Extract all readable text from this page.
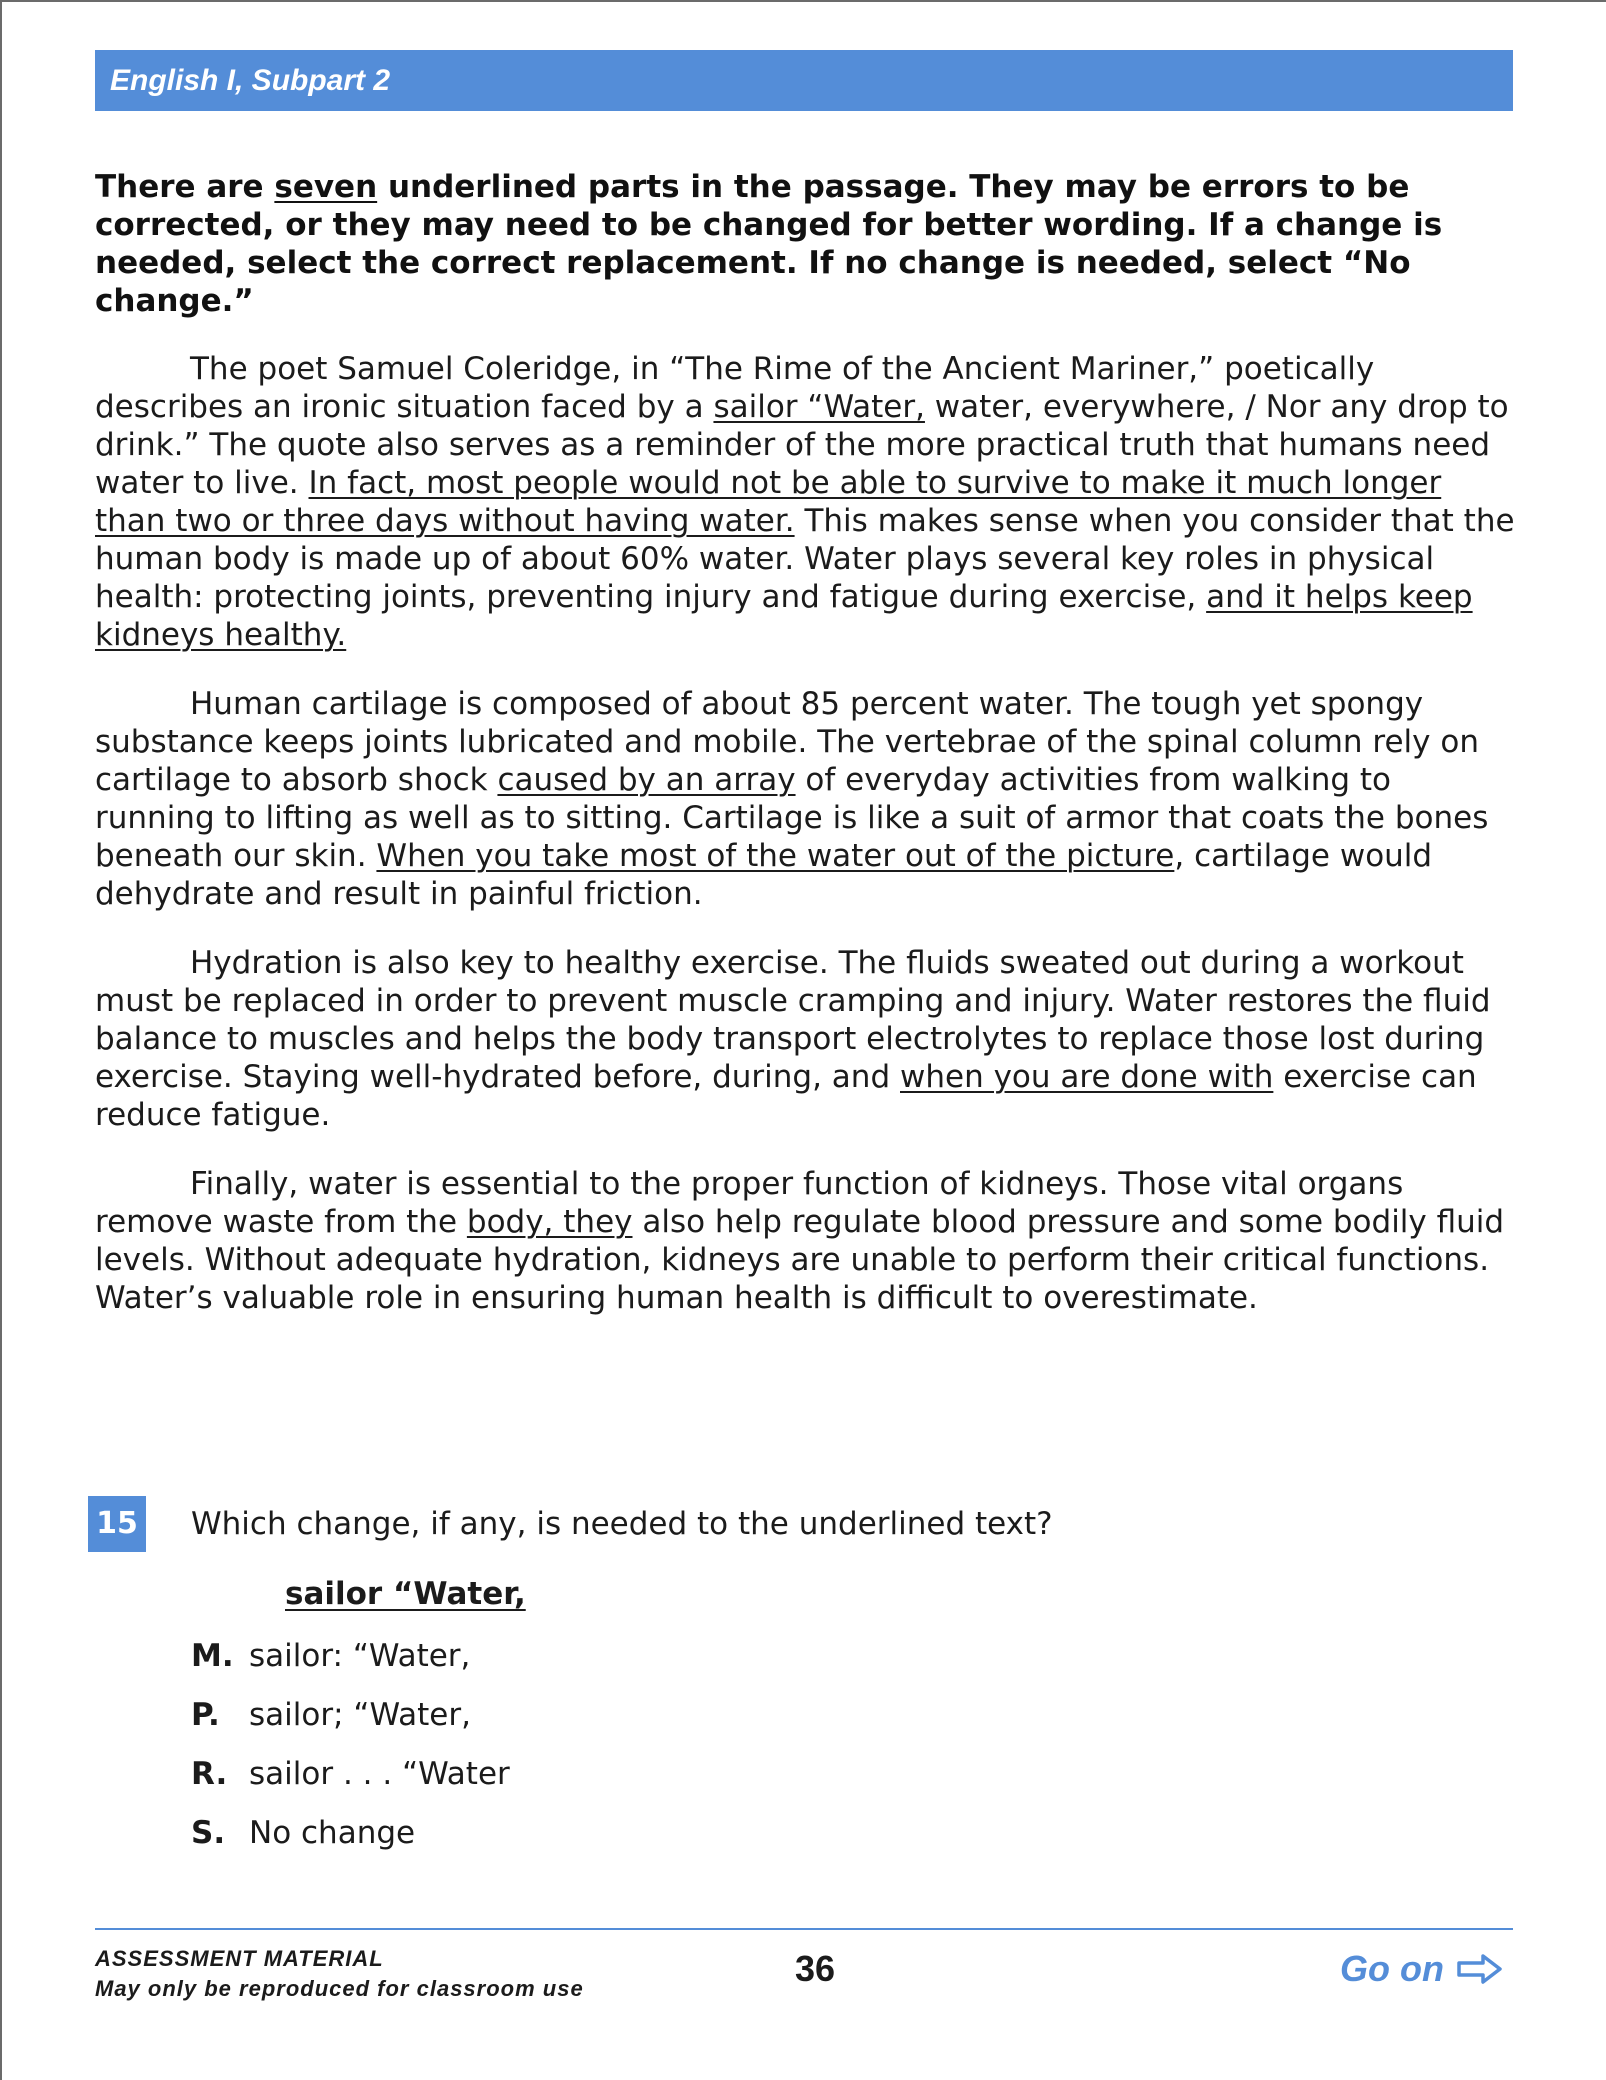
English I, Subpart 2
There are seven underlined parts in the passage. They may be errors to be corrected, or they may need to be changed for better wording. If a change is needed, select the correct replacement. If no change is needed, select “No change.”

The poet Samuel Coleridge, in “The Rime of the Ancient Mariner,” poetically describes an ironic situation faced by a sailor “Water, water, everywhere, / Nor any drop to drink.” The quote also serves as a reminder of the more practical truth that humans need water to live. In fact, most people would not be able to survive to make it much longer than two or three days without having water. This makes sense when you consider that the human body is made up of about 60% water. Water plays several key roles in physical health: protecting joints, preventing injury and fatigue during exercise, and it helps keep kidneys healthy.

Human cartilage is composed of about 85 percent water. The tough yet spongy substance keeps joints lubricated and mobile. The vertebrae of the spinal column rely on cartilage to absorb shock caused by an array of everyday activities from walking to running to lifting as well as to sitting. Cartilage is like a suit of armor that coats the bones beneath our skin. When you take most of the water out of the picture, cartilage would dehydrate and result in painful friction.

Hydration is also key to healthy exercise. The fluids sweated out during a workout must be replaced in order to prevent muscle cramping and injury. Water restores the fluid balance to muscles and helps the body transport electrolytes to replace those lost during exercise. Staying well-hydrated before, during, and when you are done with exercise can reduce fatigue.

Finally, water is essential to the proper function of kidneys. Those vital organs remove waste from the body, they also help regulate blood pressure and some bodily fluid levels. Without adequate hydration, kidneys are unable to perform their critical functions. Water’s valuable role in ensuring human health is difficult to overestimate.

15 Which change, if any, is needed to the underlined text?
sailor “Water,
M. sailor: “Water,
P. sailor; “Water,
R. sailor . . . “Water
S. No change
ASSESSMENT MATERIAL
May only be reproduced for classroom use	36	Go on
